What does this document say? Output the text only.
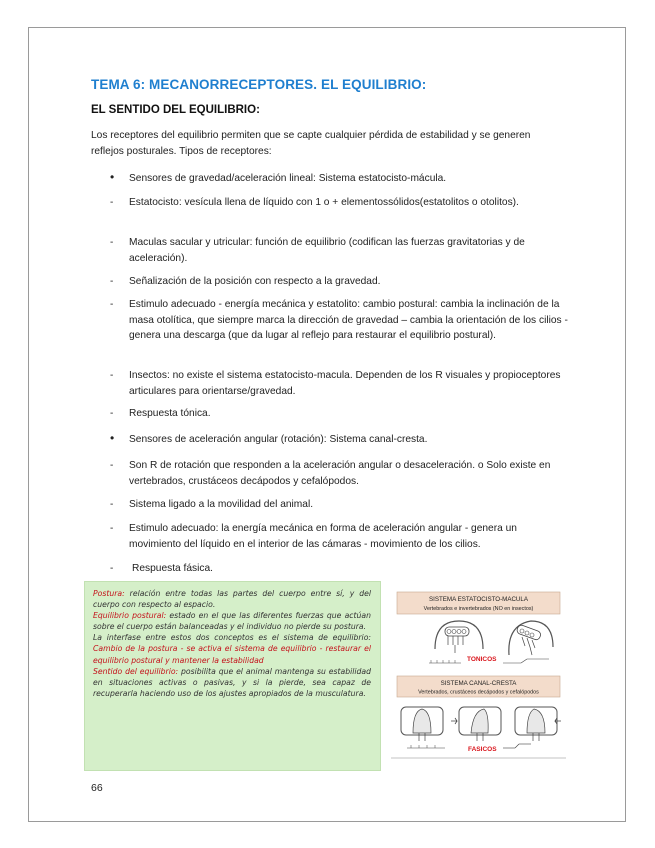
TEMA 6: MECANORRECEPTORES. EL EQUILIBRIO:
EL SENTIDO DEL EQUILIBRIO:

Los receptores del equilibrio permiten que se capte cualquier pérdida de estabilidad y se generen reflejos posturales. Tipos de receptores:

• Sensores de gravedad/aceleración lineal: Sistema estatocisto-mácula.
- Estatocisto: vesícula llena de líquido con 1 o + elementossólidos(estatolitos o otolitos).
- Maculas sacular y utricular: función de equilibrio (codifican las fuerzas gravitatorias y de aceleración).
- Señalización de la posición con respecto a la gravedad.
- Estimulo adecuado - energía mecánica y estatolito: cambio postural: cambia la inclinación de la masa otolítica, que siempre marca la dirección de gravedad – cambia la orientación de los cilios - genera una descarga (que da lugar al reflejo para restaurar el equilibrio postural).
- Insectos: no existe el sistema estatocisto-macula. Dependen de los R visuales y propioceptores articulares para orientarse/gravedad.
- Respuesta tónica.
• Sensores de aceleración angular (rotación): Sistema canal-cresta.
- Son R de rotación que responden a la aceleración angular o desaceleración. o Solo existe en vertebrados, crustáceos decápodos y cefalópodos.
- Sistema ligado a la movilidad del animal.
- Estimulo adecuado: la energía mecánica en forma de aceleración angular - genera un movimiento del líquido en el interior de las cámaras - movimiento de los cilios.
- Respuesta fásica.

Postura: relación entre todas las partes del cuerpo entre sí, y del cuerpo con respecto al espacio.

Equilibrio postural: estado en el que las diferentes fuerzas que actúan sobre el cuerpo están balanceadas y el individuo no pierde su postura.

La interfase entre estos dos conceptos es el sistema de equilibrio: Cambio de la postura - se activa el sistema de equilibrio - restaurar el equilibrio postural y mantener la estabilidad

Sentido del equilibrio: posibilita que el animal mantenga su estabilidad en situaciones activas o pasivas, y si la pierde, sea capaz de recuperarla haciendo uso de los ajustes apropiados de la musculatura.

SISTEMA ESTATOCISTO-MACULA
Vertebrados e invertebrados (NO en insectos)
TONICOS
SISTEMA CANAL-CRESTA
Vertebrados, crustáceos decápodos y cefalópodos
FASICOS

66
